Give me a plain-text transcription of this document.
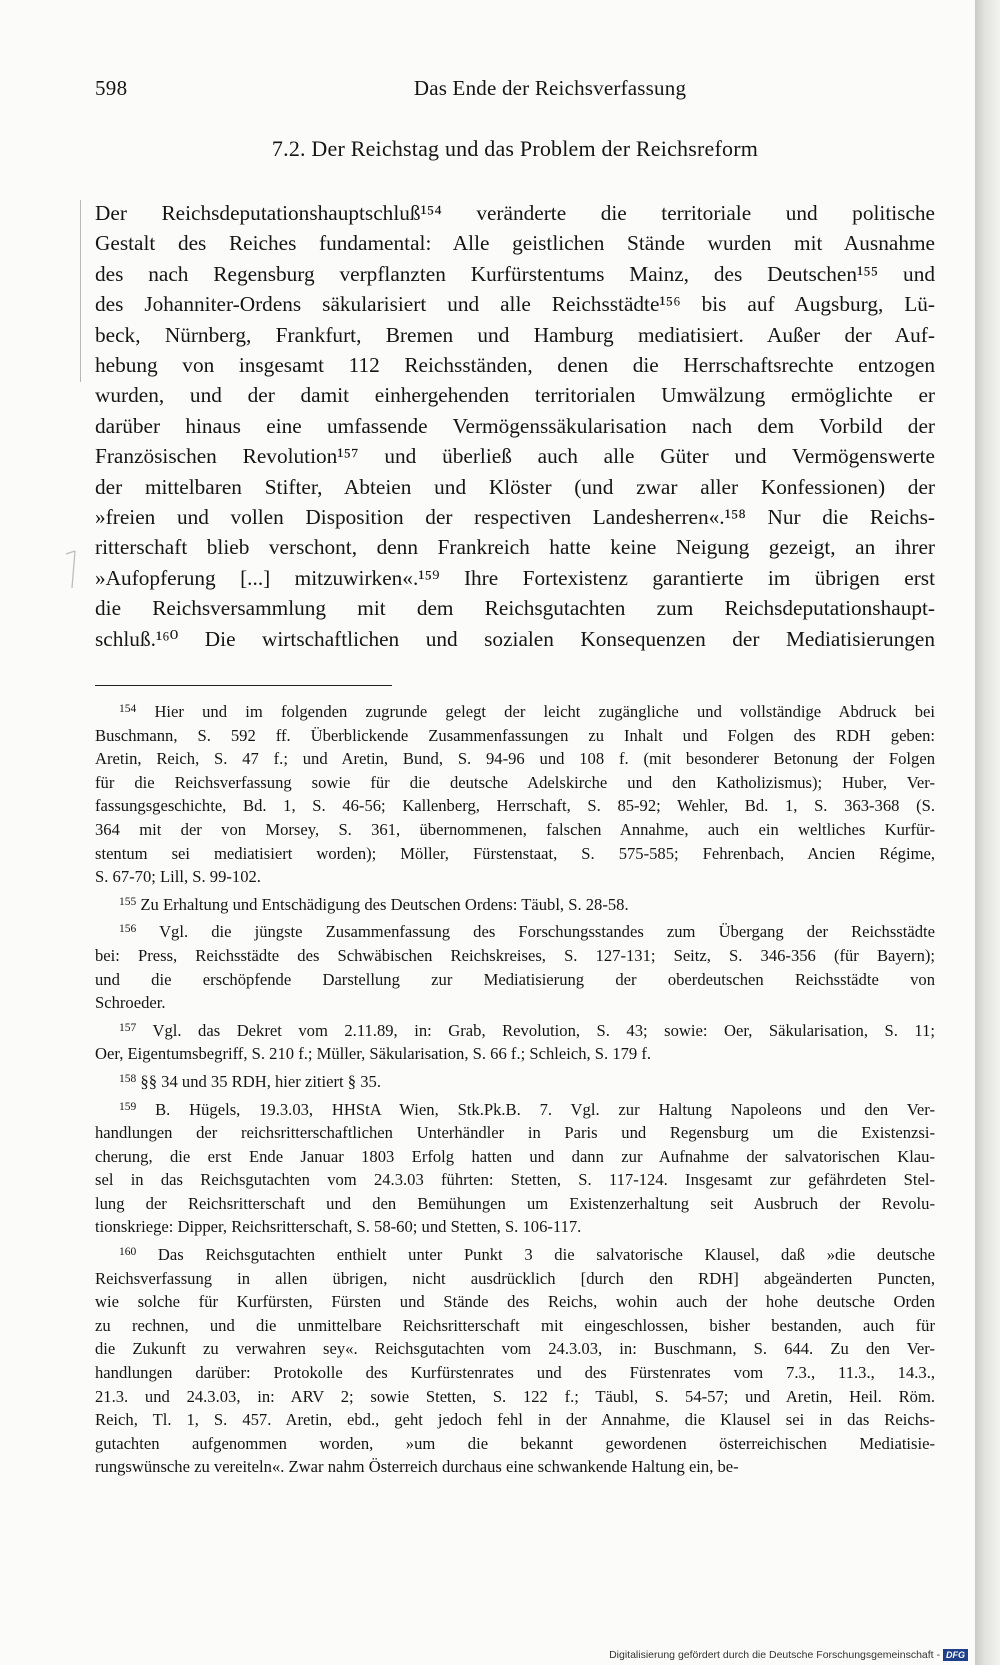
598	Das Ende der Reichsverfassung
7.2. Der Reichstag und das Problem der Reichsreform
Der Reichsdeputationshauptschluß¹⁵⁴ veränderte die territoriale und politische
Gestalt des Reiches fundamental: Alle geistlichen Stände wurden mit Ausnahme
des nach Regensburg verpflanzten Kurfürstentums Mainz, des Deutschen¹⁵⁵ und
des Johanniter-Ordens säkularisiert und alle Reichsstädte¹⁵⁶ bis auf Augsburg, Lü-
beck, Nürnberg, Frankfurt, Bremen und Hamburg mediatisiert. Außer der Auf-
hebung von insgesamt 112 Reichsständen, denen die Herrschaftsrechte entzogen
wurden, und der damit einhergehenden territorialen Umwälzung ermöglichte er
darüber hinaus eine umfassende Vermögenssäkularisation nach dem Vorbild der
Französischen Revolution¹⁵⁷ und überließ auch alle Güter und Vermögenswerte
der mittelbaren Stifter, Abteien und Klöster (und zwar aller Konfessionen) der
»freien und vollen Disposition der respectiven Landesherren«.¹⁵⁸ Nur die Reichs-
ritterschaft blieb verschont, denn Frankreich hatte keine Neigung gezeigt, an ihrer
»Aufopferung [...] mitzuwirken«.¹⁵⁹ Ihre Fortexistenz garantierte im übrigen erst
die Reichsversammlung mit dem Reichsgutachten zum Reichsdeputationshaupt-
schluß.¹⁶⁰ Die wirtschaftlichen und sozialen Konsequenzen der Mediatisierungen
$^{154}$ Hier und im folgenden zugrunde gelegt der leicht zugängliche und vollständige Abdruck bei
Buschmann, S. 592 ff. Überblickende Zusammenfassungen zu Inhalt und Folgen des RDH geben:
Aretin, Reich, S. 47 f.; und Aretin, Bund, S. 94-96 und 108 f. (mit besonderer Betonung der Folgen
für die Reichsverfassung sowie für die deutsche Adelskirche und den Katholizismus); Huber, Ver-
fassungsgeschichte, Bd. 1, S. 46-56; Kallenberg, Herrschaft, S. 85-92; Wehler, Bd. 1, S. 363-368 (S.
364 mit der von Morsey, S. 361, übernommenen, falschen Annahme, auch ein weltliches Kurfür-
stentum sei mediatisiert worden); Möller, Fürstenstaat, S. 575-585; Fehrenbach, Ancien Régime,
S. 67-70; Lill, S. 99-102.
$^{155}$ Zu Erhaltung und Entschädigung des Deutschen Ordens: Täubl, S. 28-58.
$^{156}$ Vgl. die jüngste Zusammenfassung des Forschungsstandes zum Übergang der Reichsstädte
bei: Press, Reichsstädte des Schwäbischen Reichskreises, S. 127-131; Seitz, S. 346-356 (für Bayern);
und die erschöpfende Darstellung zur Mediatisierung der oberdeutschen Reichsstädte von
Schroeder.
$^{157}$ Vgl. das Dekret vom 2.11.89, in: Grab, Revolution, S. 43; sowie: Oer, Säkularisation, S. 11;
Oer, Eigentumsbegriff, S. 210 f.; Müller, Säkularisation, S. 66 f.; Schleich, S. 179 f.
$^{158}$ §§ 34 und 35 RDH, hier zitiert § 35.
$^{159}$ B. Hügels, 19.3.03, HHStA Wien, Stk.Pk.B. 7. Vgl. zur Haltung Napoleons und den Ver-
handlungen der reichsritterschaftlichen Unterhändler in Paris und Regensburg um die Existenzsi-
cherung, die erst Ende Januar 1803 Erfolg hatten und dann zur Aufnahme der salvatorischen Klau-
sel in das Reichsgutachten vom 24.3.03 führten: Stetten, S. 117-124. Insgesamt zur gefährdeten Stel-
lung der Reichsritterschaft und den Bemühungen um Existenzerhaltung seit Ausbruch der Revolu-
tionskriege: Dipper, Reichsritterschaft, S. 58-60; und Stetten, S. 106-117.
$^{160}$ Das Reichsgutachten enthielt unter Punkt 3 die salvatorische Klausel, daß »die deutsche
Reichsverfassung in allen übrigen, nicht ausdrücklich [durch den RDH] abgeänderten Puncten,
wie solche für Kurfürsten, Fürsten und Stände des Reichs, wohin auch der hohe deutsche Orden
zu rechnen, und die unmittelbare Reichsritterschaft mit eingeschlossen, bisher bestanden, auch für
die Zukunft zu verwahren sey«. Reichsgutachten vom 24.3.03, in: Buschmann, S. 644. Zu den Ver-
handlungen darüber: Protokolle des Kurfürstenrates und des Fürstenrates vom 7.3., 11.3., 14.3.,
21.3. und 24.3.03, in: ARV 2; sowie Stetten, S. 122 f.; Täubl, S. 54-57; und Aretin, Heil. Röm.
Reich, Tl. 1, S. 457. Aretin, ebd., geht jedoch fehl in der Annahme, die Klausel sei in das Reichs-
gutachten aufgenommen worden, »um die bekannt gewordenen österreichischen Mediatisie-
rungswünsche zu vereiteln«. Zwar nahm Österreich durchaus eine schwankende Haltung ein, be-
Digitalisierung gefördert durch die Deutsche Forschungsgemeinschaft - DFG
